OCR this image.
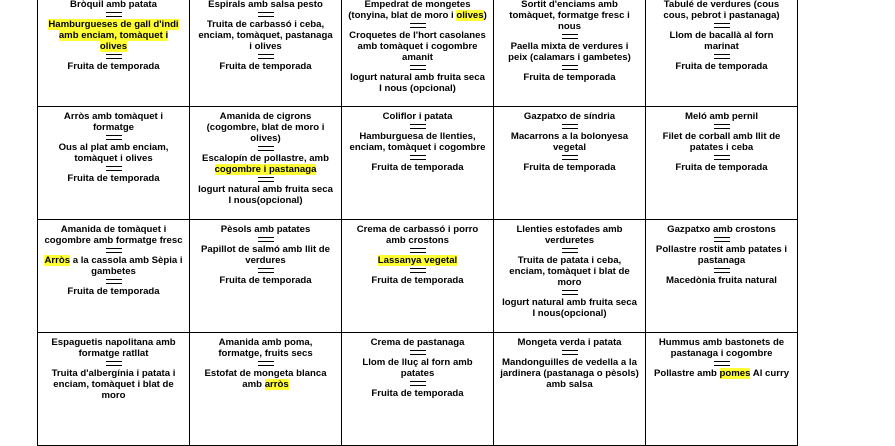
Bròquil amb patata
Hamburgueses de gall d'indi amb enciam, tomàquet i olives
Fruita de temporada	Espirals amb salsa pesto
Truita de carbassó i ceba, enciam, tomàquet, pastanaga i olives
Fruita de temporada	Empedrat de mongetes (tonyina, blat de moro i olives)
Croquetes de l'hort casolanes amb tomàquet i cogombre amanit
Iogurt natural amb fruita seca I nous (opcional)	Sortit d'enciams amb tomàquet, formatge fresc i nous
Paella mixta de verdures i peix (calamars i gambetes)
Fruita de temporada	Tabulé de verdures (cous cous, pebrot i pastanaga)
Llom de bacallà al forn marinat
Fruita de temporada

Arròs amb tomàquet i formatge
Ous al plat amb enciam, tomàquet i olives
Fruita de temporada	Amanida de cigrons (cogombre, blat de moro i olives)
Escalopín de pollastre, amb cogombre i pastanaga
Iogurt natural amb fruita seca I nous(opcional)	Coliflor i patata
Hamburguesa de llenties, enciam, tomàquet i cogombre
Fruita de temporada	Gazpatxo de síndria
Macarrons a la bolonyesa vegetal
Fruita de temporada	Meló amb pernil
Filet de corball amb llit de patates i ceba
Fruita de temporada

Amanida de tomàquet i cogombre amb formatge fresc
Arròs a la cassola amb Sèpia i gambetes
Fruita de temporada	Pèsols amb patates
Papillot de salmó amb llit de verdures
Fruita de temporada	Crema de carbassó i porro amb crostons
Lassanya vegetal
Fruita de temporada	Llenties estofades amb verduretes
Truita de patata i ceba, enciam, tomàquet i blat de moro
Iogurt natural amb fruita seca I nous(opcional)	Gazpatxo amb crostons
Pollastre rostit amb patates i pastanaga
Macedònia fruita natural

Espaguetis napolitana amb formatge ratllat
Truita d'albergínia i patata i enciam, tomàquet i blat de moro	Amanida amb poma, formatge, fruits secs
Estofat de mongeta blanca amb arròs	Crema de pastanaga
Llom de lluç al forn amb patates
Fruita de temporada	Mongeta verda i patata
Mandonguilles de vedella a la jardinera (pastanaga o pèsols) amb salsa	Hummus amb bastonets de pastanaga i cogombre
Pollastre amb pomes Al curry
